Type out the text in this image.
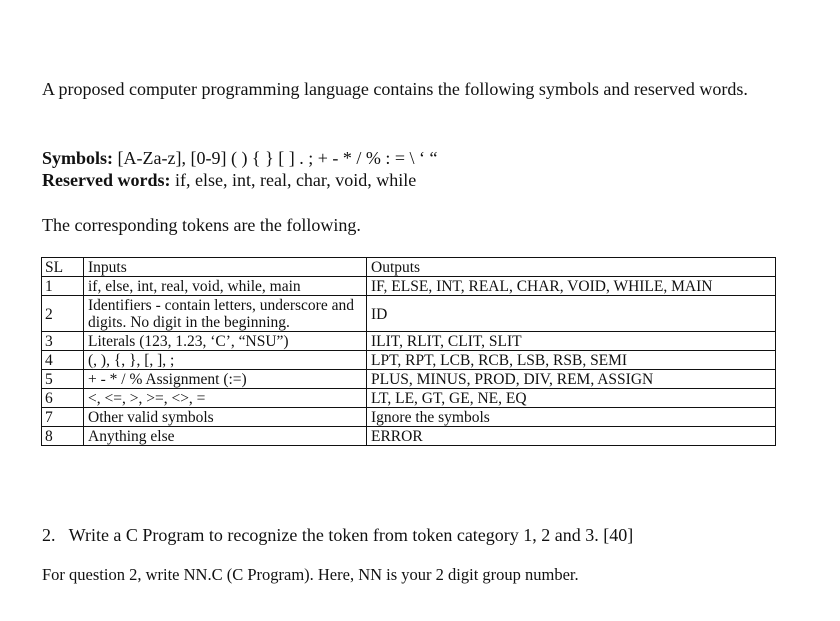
A proposed computer programming language contains the following symbols and reserved words.

Symbols: [A-Za-z], [0-9] ( ) { } [ ] . ; + - * / % : = \ ‘ “

Reserved words: if, else, int, real, char, void, while

The corresponding tokens are the following.

SL	Inputs	Outputs
1	if, else, int, real, void, while, main	IF, ELSE, INT, REAL, CHAR, VOID, WHILE, MAIN
2	Identifiers - contain letters, underscore and digits. No digit in the beginning.	ID
3	Literals (123, 1.23, ‘C’, “NSU”)	ILIT, RLIT, CLIT, SLIT
4	(, ), {, }, [, ], ;	LPT, RPT, LCB, RCB, LSB, RSB, SEMI
5	+ - * / % Assignment (:=)	PLUS, MINUS, PROD, DIV, REM, ASSIGN
6	<, <=, >, >=, <>, =	LT, LE, GT, GE, NE, EQ
7	Other valid symbols	Ignore the symbols
8	Anything else	ERROR

2.   Write a C Program to recognize the token from token category 1, 2 and 3. [40]

For question 2, write NN.C (C Program). Here, NN is your 2 digit group number.
